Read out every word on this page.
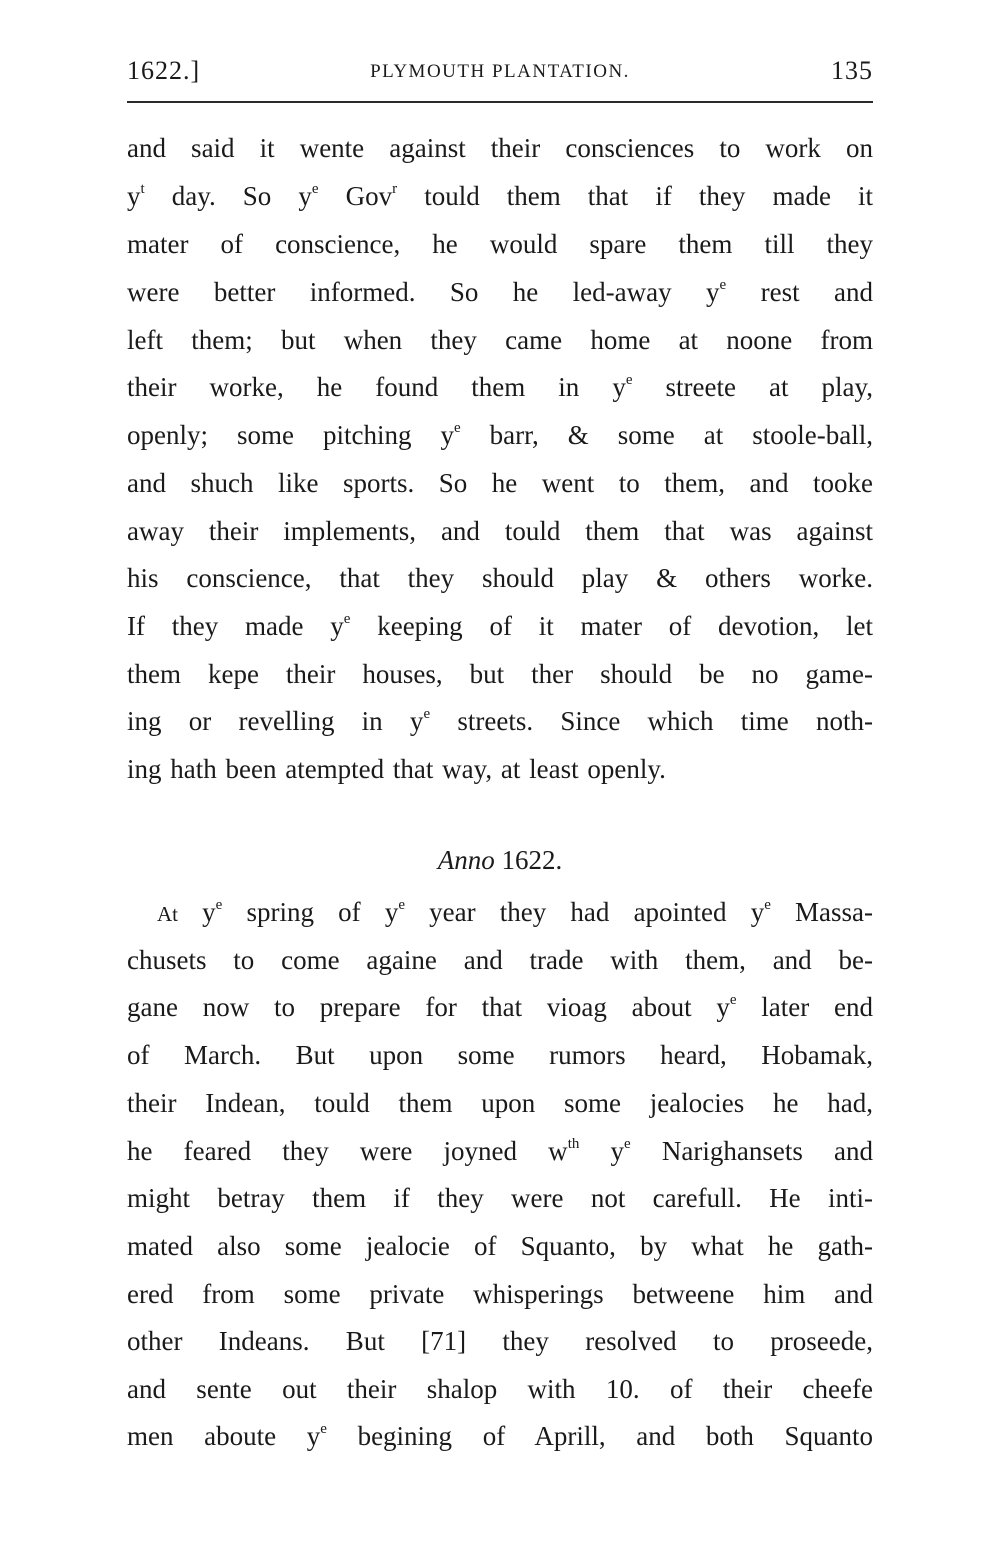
1622.]	PLYMOUTH PLANTATION.	135
and said it wente against their consciences to work on
$y^t$ day. So $y^e$ Gov$^r$ tould them that if they made it
mater of conscience, he would spare them till they
were better informed. So he led-away $y^e$ rest and
left them; but when they came home at noone from
their worke, he found them in $y^e$ streete at play,
openly; some pitching $y^e$ barr, & some at stoole-ball,
and shuch like sports. So he went to them, and tooke
away their implements, and tould them that was against
his conscience, that they should play & others worke.
If they made $y^e$ keeping of it mater of devotion, let
them kepe their houses, but ther should be no game-
ing or revelling in $y^e$ streets. Since which time noth-
ing hath been atempted that way, at least openly.
Anno 1622.
At $y^e$ spring of $y^e$ year they had apointed $y^e$ Massa-
chusets to come againe and trade with them, and be-
gane now to prepare for that vioag about $y^e$ later end
of March. But upon some rumors heard, Hobamak,
their Indean, tould them upon some jealocies he had,
he feared they were joyned $w^{th}$ $y^e$ Narighansets and
might betray them if they were not carefull. He inti-
mated also some jealocie of Squanto, by what he gath-
ered from some private whisperings betweene him and
other Indeans. But [71] they resolved to proseede,
and sente out their shalop with 10. of their cheefe
men aboute $y^e$ begining of Aprill, and both Squanto
